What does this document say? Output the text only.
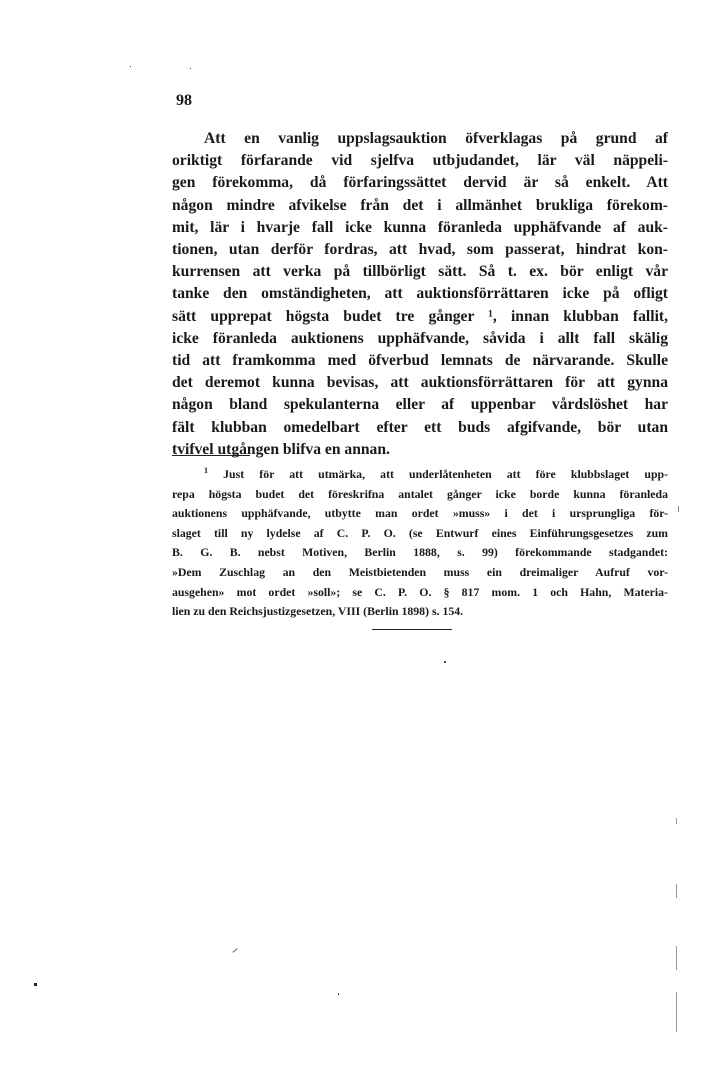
98

Att en vanlig uppslagsauktion öfverklagas på grund af
oriktigt förfarande vid sjelfva utbjudandet, lär väl näppeli-
gen förekomma, då förfaringssättet dervid är så enkelt. Att
någon mindre afvikelse från det i allmänhet brukliga förekom-
mit, lär i hvarje fall icke kunna föranleda upphäfvande af auk-
tionen, utan derför fordras, att hvad, som passerat, hindrat kon-
kurrensen att verka på tillbörligt sätt. Så t. ex. bör enligt vår
tanke den omständigheten, att auktionsförrättaren icke på ofligt
sätt upprepat högsta budet tre gånger ¹, innan klubban fallit,
icke föranleda auktionens upphäfvande, såvida i allt fall skälig
tid att framkomma med öfverbud lemnats de närvarande. Skulle
det deremot kunna bevisas, att auktionsförrättaren för att gynna
någon bland spekulanterna eller af uppenbar vårdslöshet har
fält klubban omedelbart efter ett buds afgifvande, bör utan
tvifvel utgången blifva en annan.

$^1$ Just för att utmärka, att underlåtenheten att före klubbslaget upp-
repa högsta budet det föreskrifna antalet gånger icke borde kunna föranleda
auktionens upphäfvande, utbytte man ordet »muss» i det i ursprungliga för-
slaget till ny lydelse af C. P. O. (se Entwurf eines Einführungsgesetzes zum
B. G. B. nebst Motiven, Berlin 1888, s. 99) förekommande stadgandet:
»Dem Zuschlag an den Meistbietenden muss ein dreimaliger Aufruf vor-
ausgehen» mot ordet »soll»; se C. P. O. § 817 mom. 1 och Hahn, Materia-
lien zu den Reichsjustizgesetzen, VIII (Berlin 1898) s. 154.
